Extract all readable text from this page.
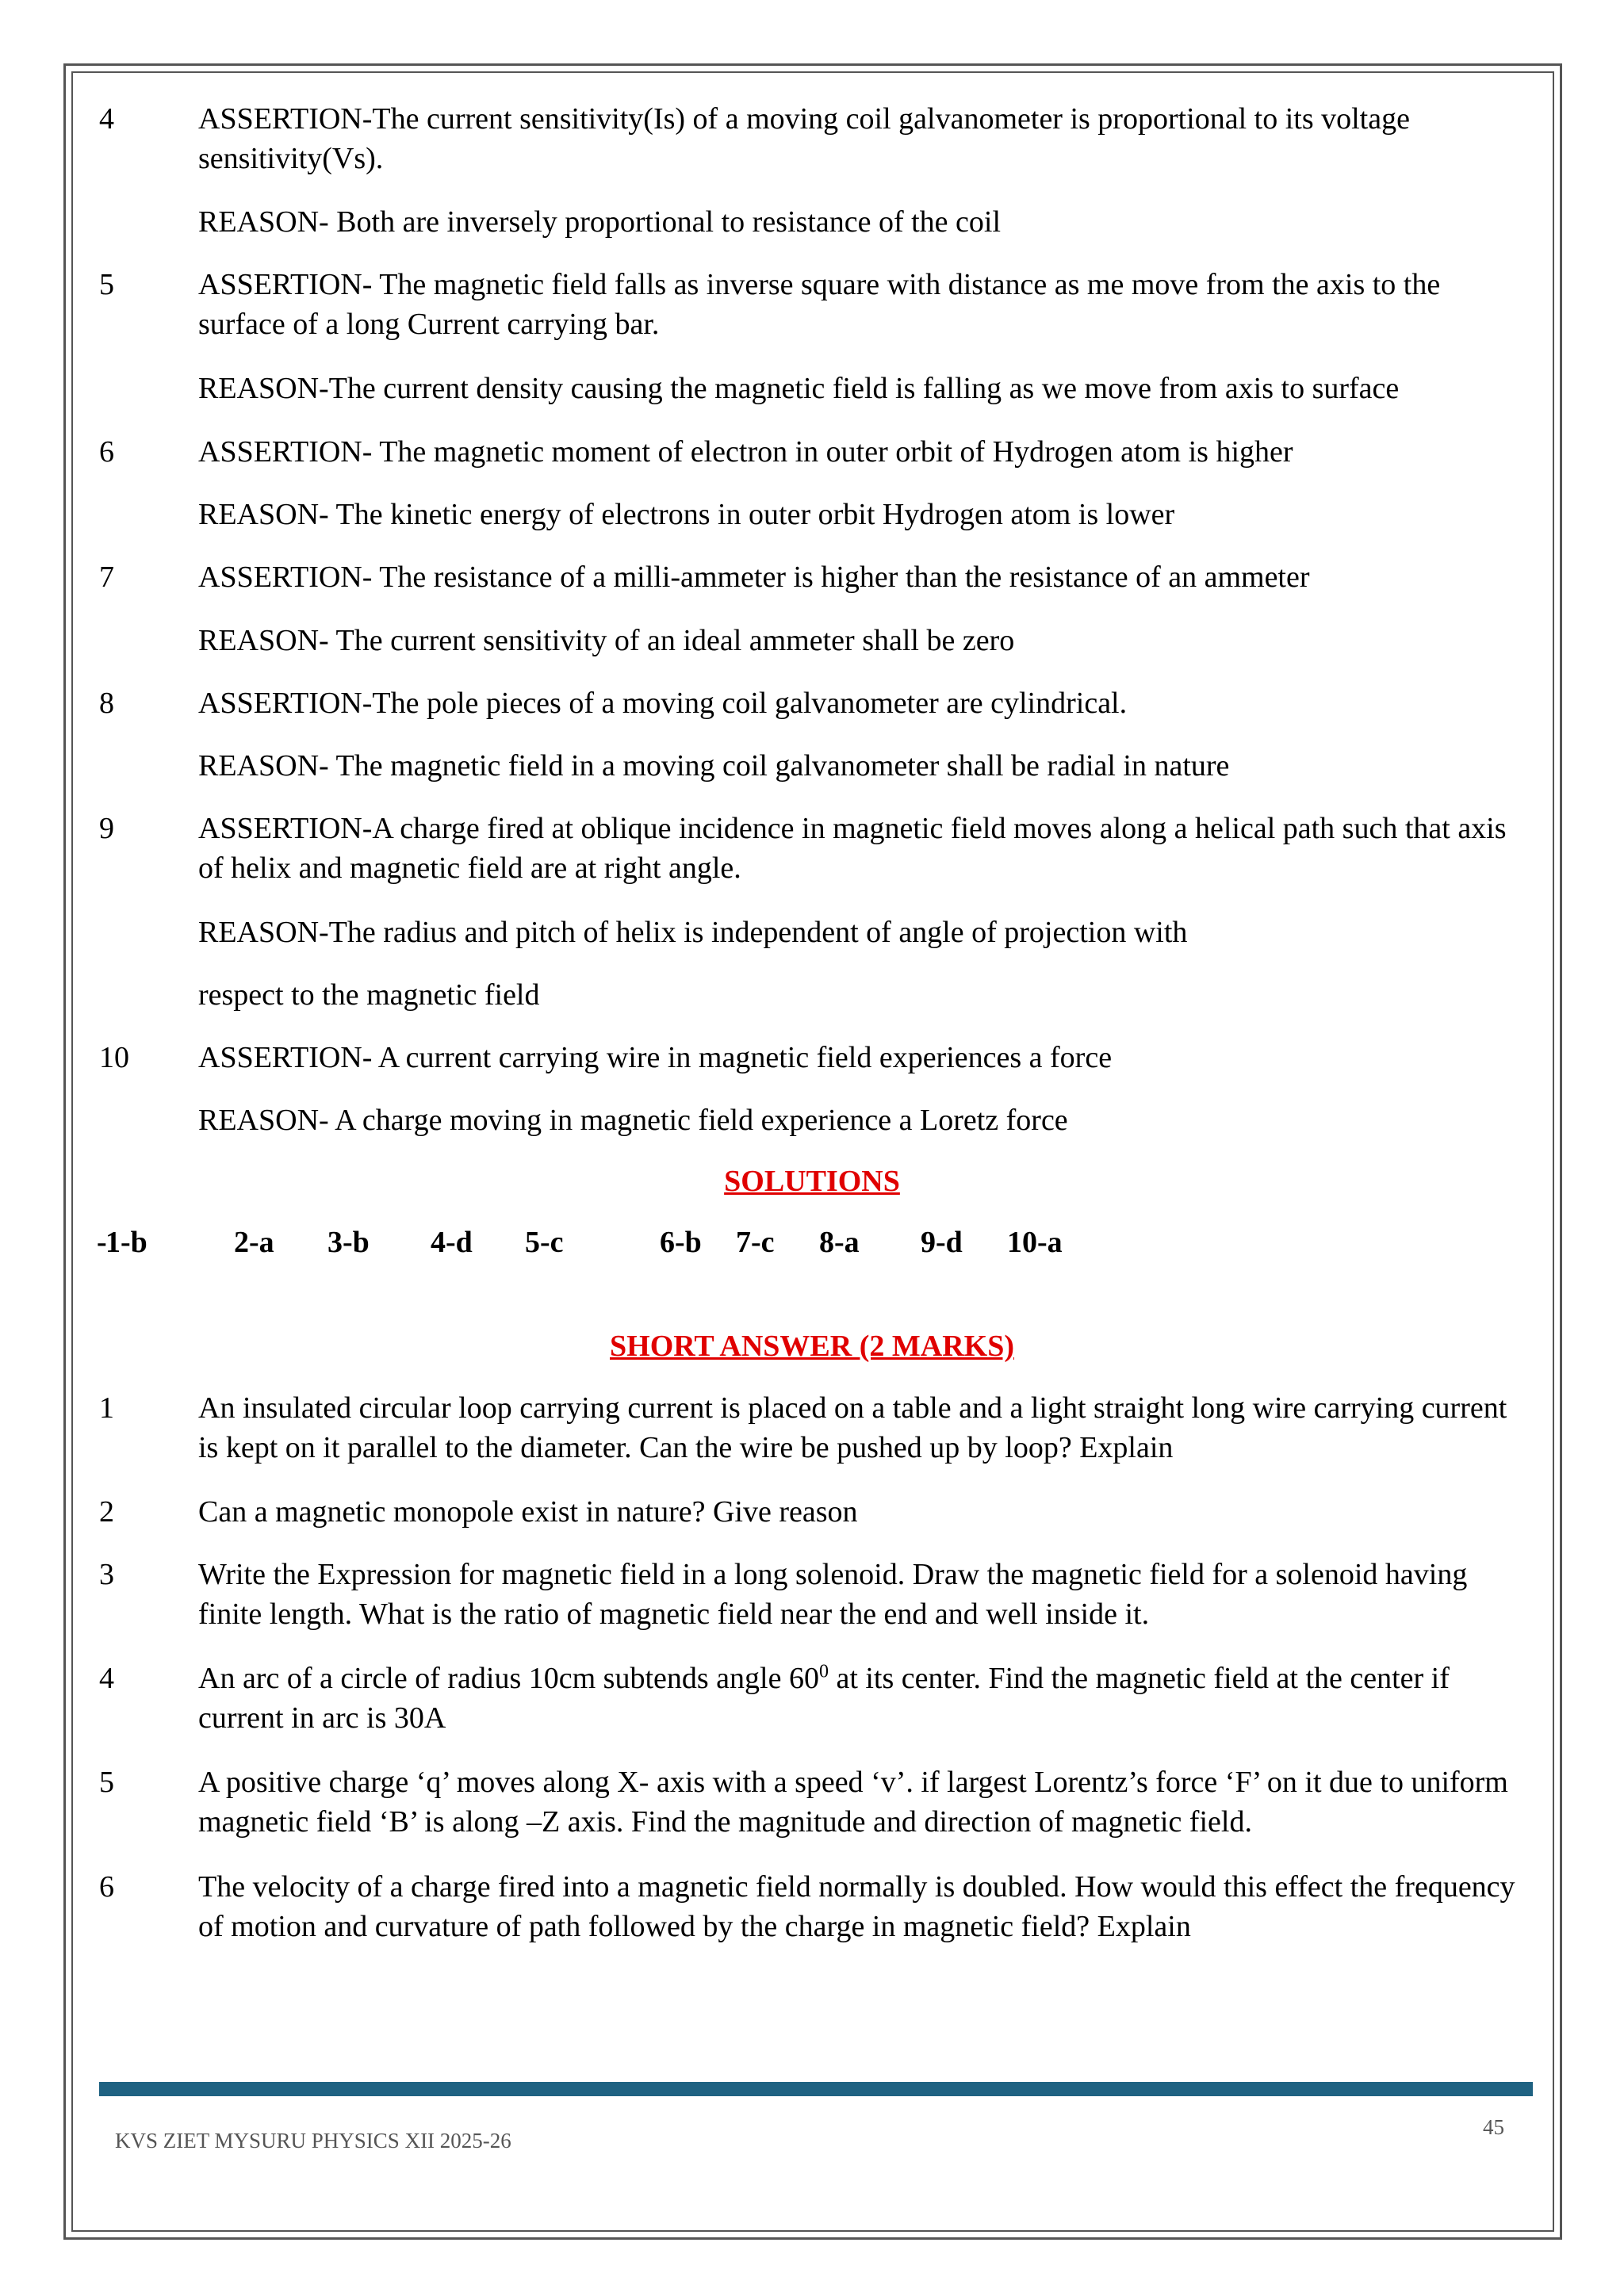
4	ASSERTION-The current sensitivity(Is) of a moving coil galvanometer is proportional to its voltage sensitivity(Vs).
REASON- Both are inversely proportional to resistance of the coil
5	ASSERTION- The magnetic field falls as inverse square with distance as me move from the axis to the surface of a long Current carrying bar.
REASON-The current density causing the magnetic field is falling as we move from axis to surface
6	ASSERTION- The magnetic moment of electron in outer orbit of Hydrogen atom is higher
REASON- The kinetic energy of electrons in outer orbit Hydrogen atom is lower
7	ASSERTION- The resistance of a milli-ammeter is higher than the resistance of an ammeter
REASON- The current sensitivity of an ideal ammeter shall be zero
8	ASSERTION-The pole pieces of a moving coil galvanometer are cylindrical.
REASON- The magnetic field in a moving coil galvanometer shall be radial in nature
9	ASSERTION-A charge fired at oblique incidence in magnetic field moves along a helical path such that axis of helix and magnetic field are at right angle.
REASON-The radius and pitch of helix is independent of angle of projection with
respect to the magnetic field
10	ASSERTION- A current carrying wire in magnetic field experiences a force
REASON- A charge moving in magnetic field experience a Loretz force
SOLUTIONS
-
1-b	2-a 3-b 4-d 5-c	6-b 7-c 8-a 9-d 10-a
SHORT ANSWER (2 MARKS)
1	An insulated circular loop carrying current is placed on a table and a light straight long wire carrying current is kept on it parallel to the diameter. Can the wire be pushed up by loop? Explain
2	Can a magnetic monopole exist in nature? Give reason
3	Write the Expression for magnetic field in a long solenoid. Draw the magnetic field for a solenoid having finite length. What is the ratio of magnetic field near the end and well inside it.
4	An arc of a circle of radius 10cm subtends angle $60^0$ at its center. Find the magnetic field at the center if current in arc is 30A
5	A positive charge ‘q’ moves along X- axis with a speed ‘v’. if largest Lorentz’s force ‘F’ on it due to uniform magnetic field ‘B’ is along –Z axis. Find the magnitude and direction of magnetic field.
6	The velocity of a charge fired into a magnetic field normally is doubled. How would this effect the frequency of motion and curvature of path followed by the charge in magnetic field? Explain
KVS ZIET MYSURU PHYSICS XII 2025-26
45
